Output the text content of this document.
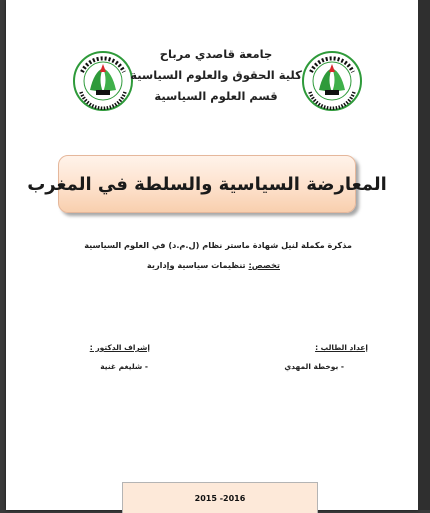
جامعة قاصدي مرباح
كلية الحقوق والعلوم السياسية
قسم العلوم السياسية
المعارضة السياسية والسلطة في المغرب
مذكرة مكملة لنيل شهادة ماستر نظام (ل.م.د) في العلوم السياسية
تخصص: تنظيمات سياسية وإدارية
إعداد الطالب :
- بوخطة المهدي
إشراف الدكتور :
- شليغم غنية
2015 -2016
